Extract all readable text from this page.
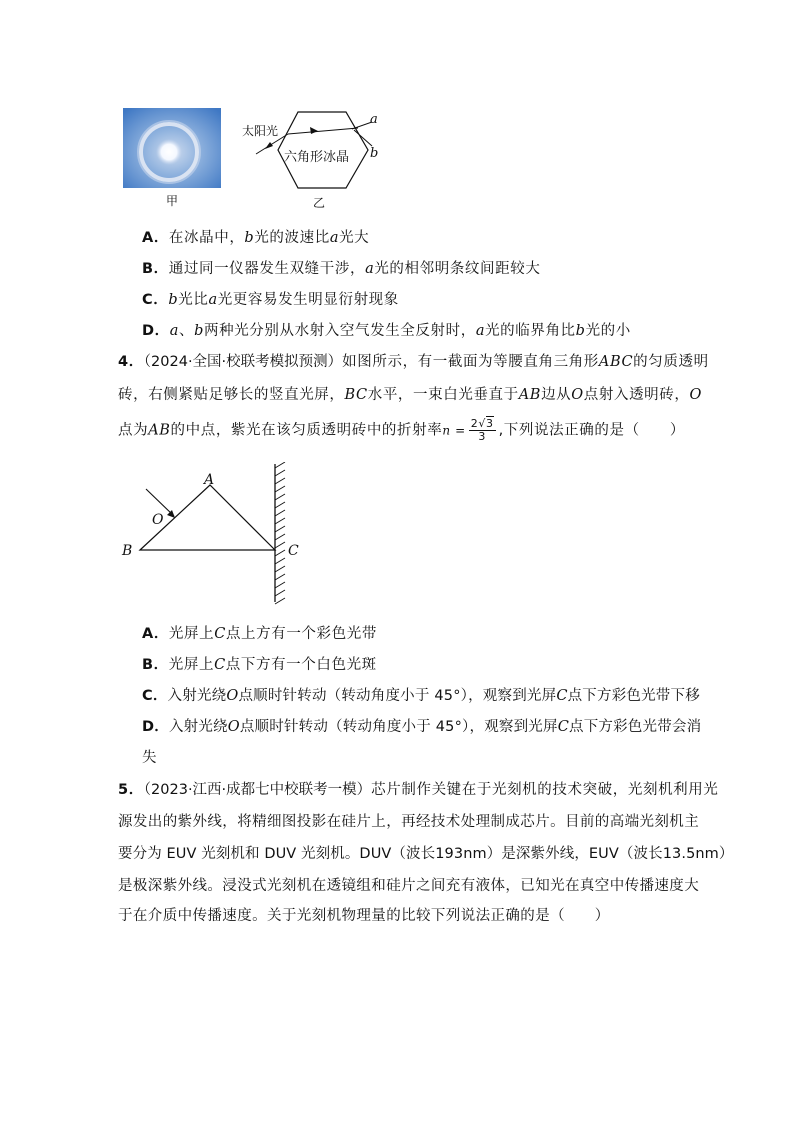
甲
太阳光
六角形冰晶
a
b
乙
A．在冰晶中，b光的波速比a光大
B．通过同一仪器发生双缝干涉，a光的相邻明条纹间距较大
C．b光比a光更容易发生明显衍射现象
D．a、b两种光分别从水射入空气发生全反射时，a光的临界角比b光的小
4．（2024·全国·校联考模拟预测）如图所示，有一截面为等腰直角三角形ABC的匀质透明
砖，右侧紧贴足够长的竖直光屏，BC水平，一束白光垂直于AB边从O点射入透明砖，O
点为AB的中点，紫光在该匀质透明砖中的折射率$n = \frac{2√3}{3}$ ,下列说法正确的是（　　）
A
B	C
O
A．光屏上C点上方有一个彩色光带
B．光屏上C点下方有一个白色光斑
C．入射光绕O点顺时针转动（转动角度小于 45°），观察到光屏C点下方彩色光带下移
D．入射光绕O点顺时针转动（转动角度小于 45°），观察到光屏C点下方彩色光带会消
失
5．（2023·江西·成都七中校联考一模）芯片制作关键在于光刻机的技术突破，光刻机利用光
源发出的紫外线，将精细图投影在硅片上，再经技术处理制成芯片。目前的高端光刻机主
要分为 EUV 光刻机和 DUV 光刻机。DUV（波长193nm）是深紫外线，EUV（波长13.5nm）
是极深紫外线。浸没式光刻机在透镜组和硅片之间充有液体，已知光在真空中传播速度大
于在介质中传播速度。关于光刻机物理量的比较下列说法正确的是（　　）
